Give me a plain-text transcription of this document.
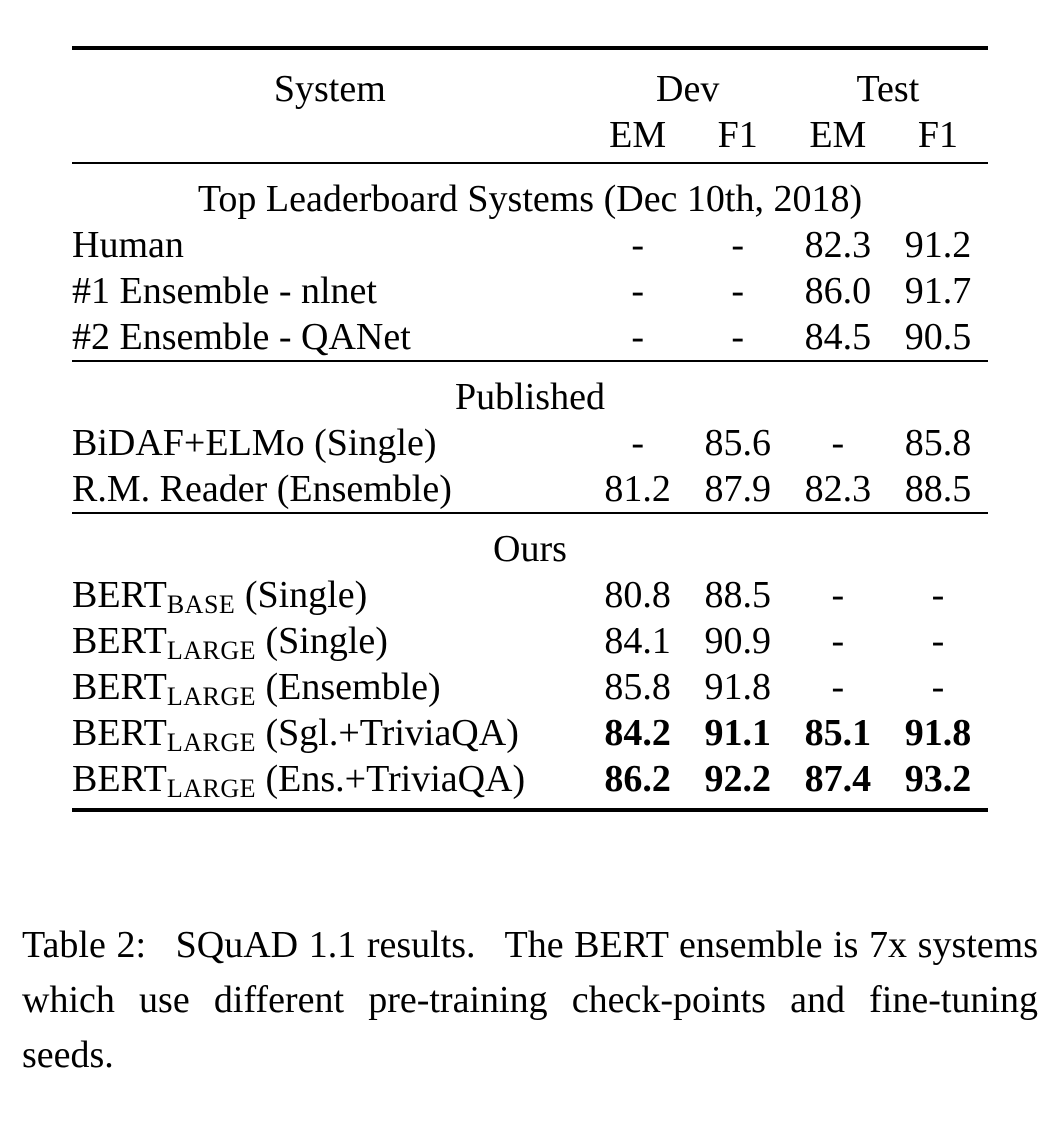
System	Dev		Test	
	EM	F1	EM	F1
Top Leaderboard Systems (Dec 10th, 2018)				
Human	-	-	82.3	91.2
#1 Ensemble - nlnet	-	-	86.0	91.7
#2 Ensemble - QANet	-	-	84.5	90.5
Published				
BiDAF+ELMo (Single)	-	85.6	-	85.8
R.M. Reader (Ensemble)	81.2	87.9	82.3	88.5
Ours				
$BERT_{BASE}$ (Single)	80.8	88.5	-	-
$BERT_{LARGE}$ (Single)	84.1	90.9	-	-
$BERT_{LARGE}$ (Ensemble)	85.8	91.8	-	-
$BERT_{LARGE}$ (Sgl.+TriviaQA)	84.2	91.1	85.1	91.8
$BERT_{LARGE}$ (Ens.+TriviaQA)	86.2	92.2	87.4	93.2
Table 2:  SQuAD 1.1 results.  The BERT ensemble is 7x systems which use different pre-training check-points and fine-tuning seeds.
